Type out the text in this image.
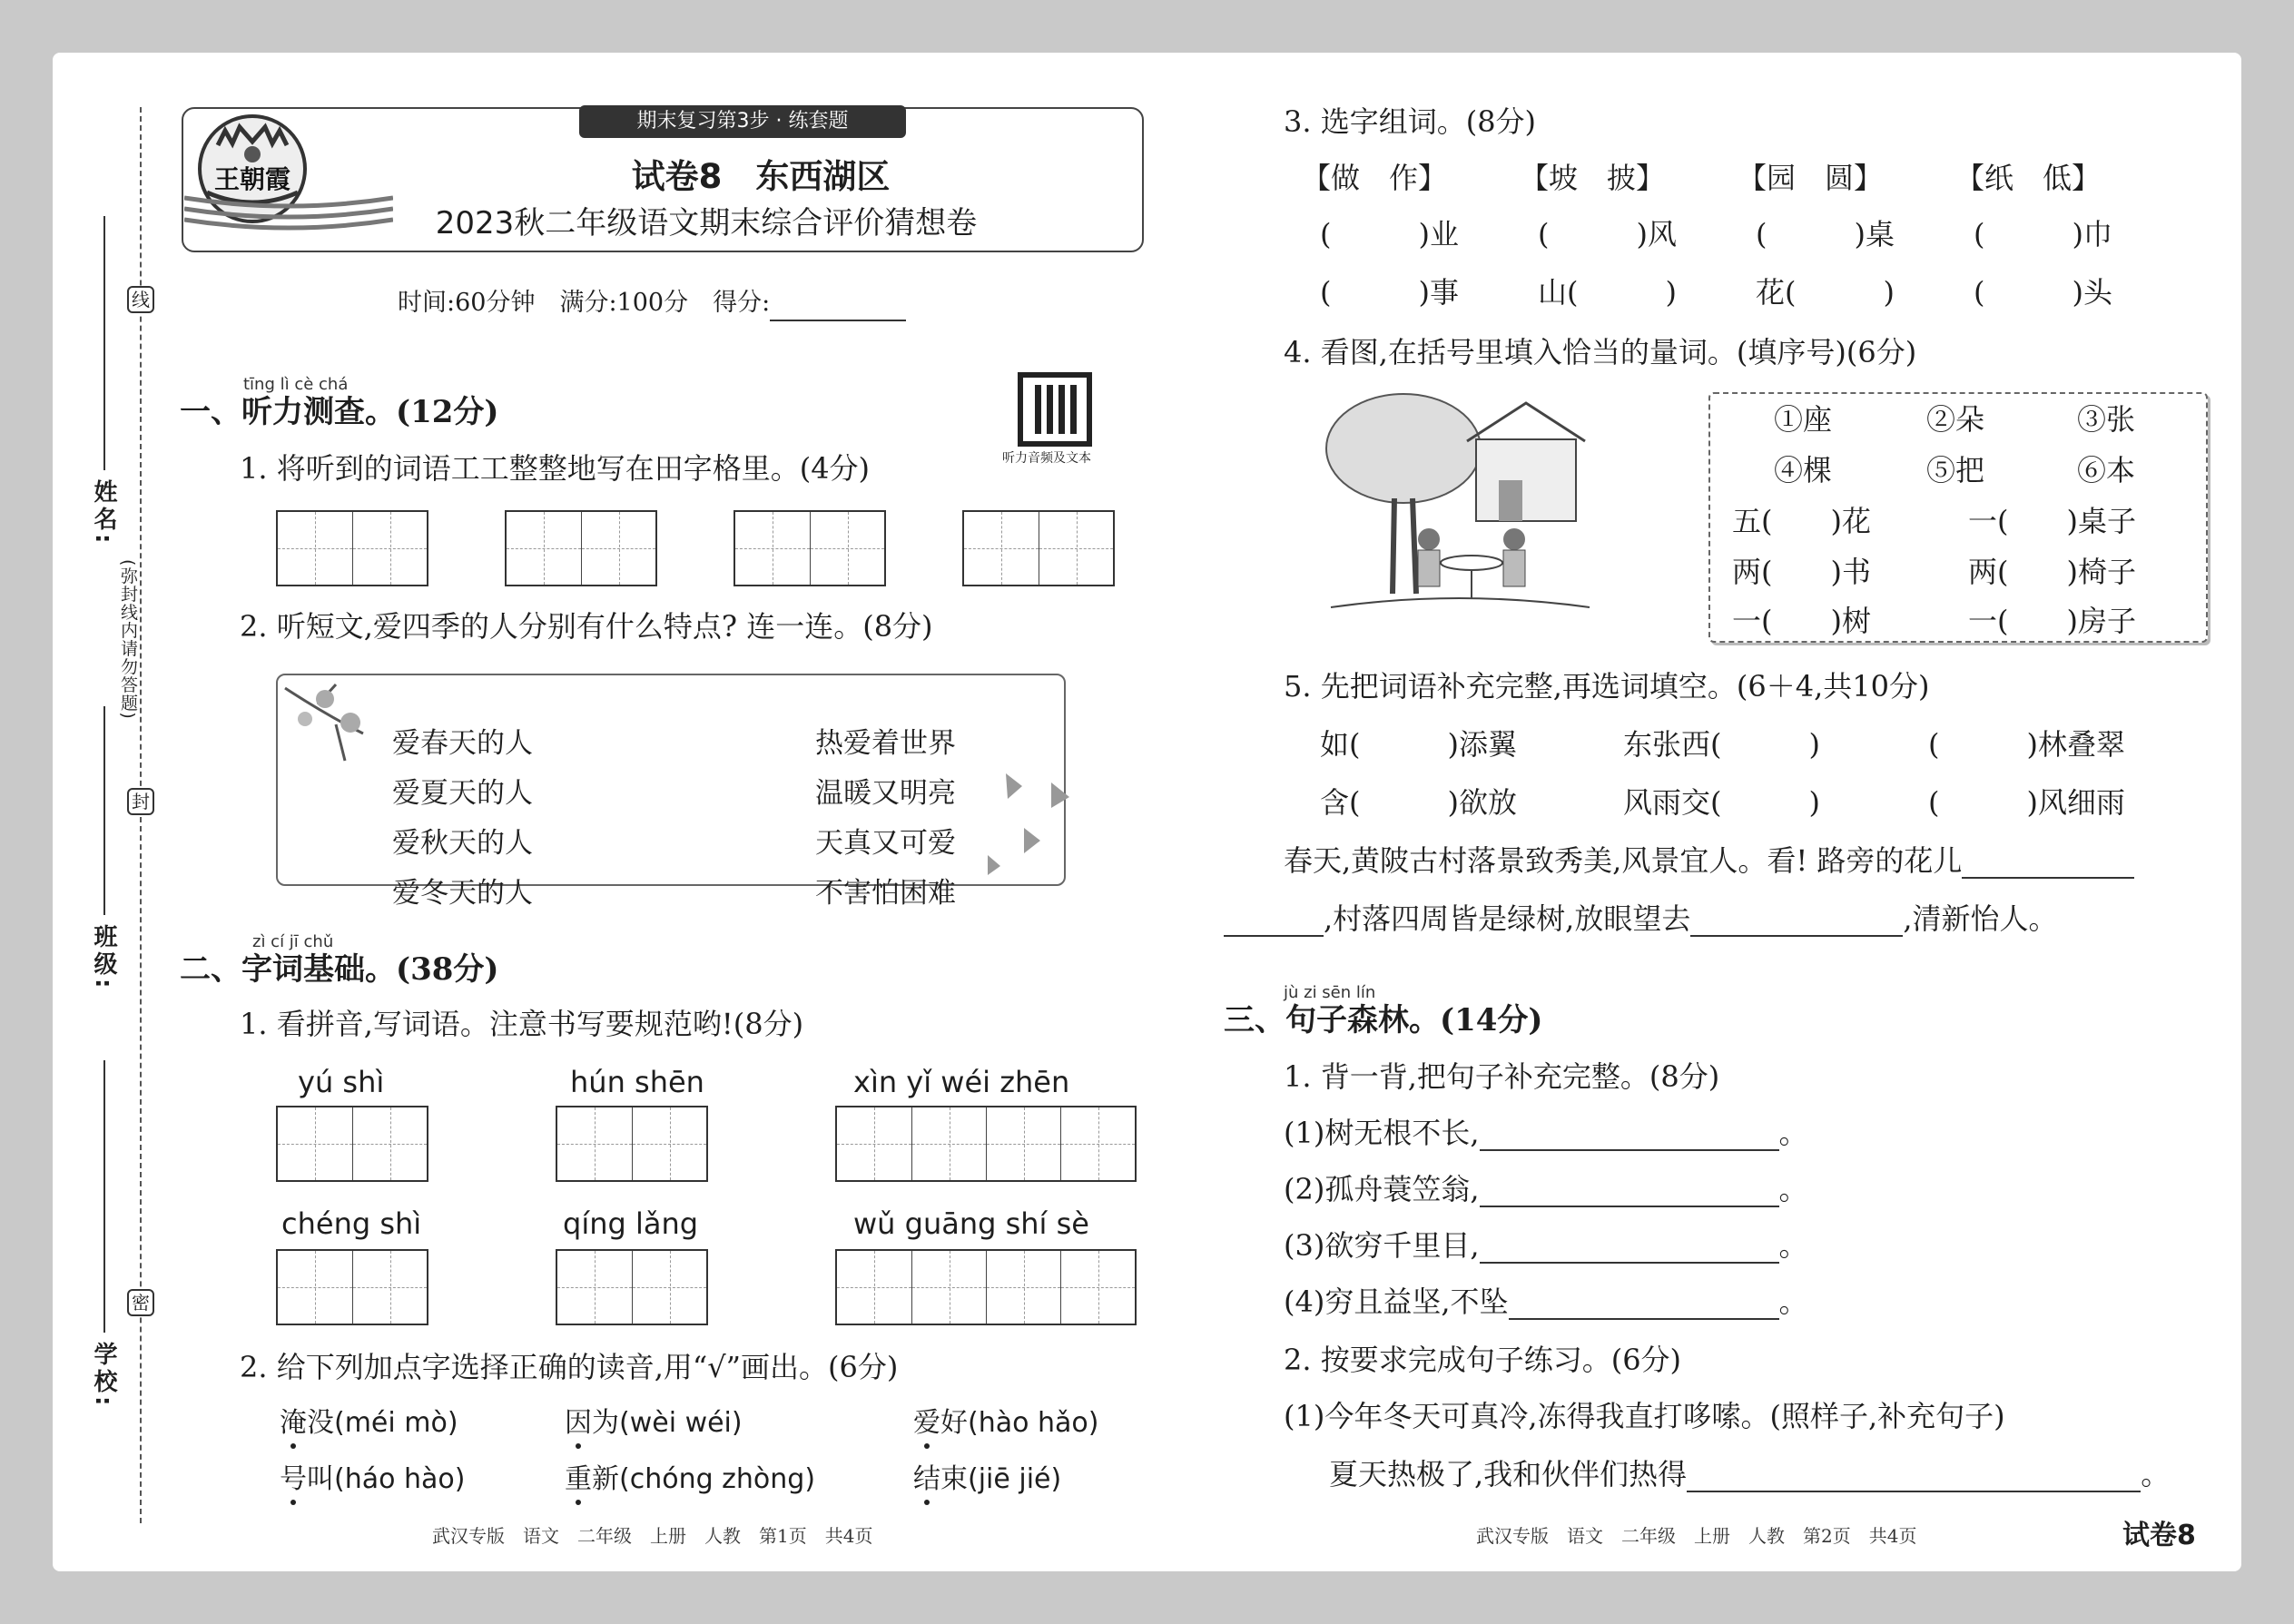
线
封
密
(弥封线内请勿答题)
姓名:
班级:
学校:
期末复习第3步 · 练套题
王朝霞	试卷8　东西湖区
2023秋二年级语文期末综合评价猜想卷
时间:60分钟　满分:100分　得分:
tīng lì cè chá
一、听力测查。(12分)
1. 将听到的词语工工整整地写在田字格里。(4分)	听力音频及文本
2. 听短文,爱四季的人分别有什么特点? 连一连。(8分)
爱春天的人
爱夏天的人
爱秋天的人
爱冬天的人
热爱着世界
温暖又明亮
天真又可爱
不害怕困难
zì cí jī chǔ
二、字词基础。(38分)
1. 看拼音,写词语。注意书写要规范哟!(8分)
yú shì	hún shēn	xìn yǐ wéi zhēn
chéng shì	qíng lǎng	wǔ guāng shí sè
2. 给下列加点字选择正确的读音,用“√”画出。(6分)
淹没(méi mò)	因为(wèi wéi)	爱好(hào hǎo)
号叫(háo hào)	重新(chóng zhòng)	结束(jiē jié)
武汉专版　语文　二年级　上册　人教　第1页　共4页
3. 选字组词。(8分)
【做　作】 【坡　披】 【园　圆】 【纸　低】
(　　　)业	(　　　)风	(　　　)桌	(　　　)巾
(　　　)事	山(　　　)	花(　　　)	(　　　)头
4. 看图,在括号里填入恰当的量词。(填序号)(6分)
①座	②朵	③张
④棵	⑤把	⑥本
五(　　)花	一(　　)桌子
两(　　)书	两(　　)椅子
一(　　)树	一(　　)房子
5. 先把词语补充完整,再选词填空。(6＋4,共10分)
如(　　　)添翼	东张西(　　　)	(　　　)林叠翠
含(　　　)欲放	风雨交(　　　)	(　　　)风细雨
春天,黄陂古村落景致秀美,风景宜人。看! 路旁的花儿
,村落四周皆是绿树,放眼望去	,清新怡人。
jù zi sēn lín
三、句子森林。(14分)
1. 背一背,把句子补充完整。(8分)
(1)树无根不长,	。
(2)孤舟蓑笠翁,	。
(3)欲穷千里目,	。
(4)穷且益坚,不坠	。
2. 按要求完成句子练习。(6分)
(1)今年冬天可真冷,冻得我直打哆嗦。(照样子,补充句子)
夏天热极了,我和伙伴们热得	。
武汉专版　语文　二年级　上册　人教　第2页　共4页	试卷8
